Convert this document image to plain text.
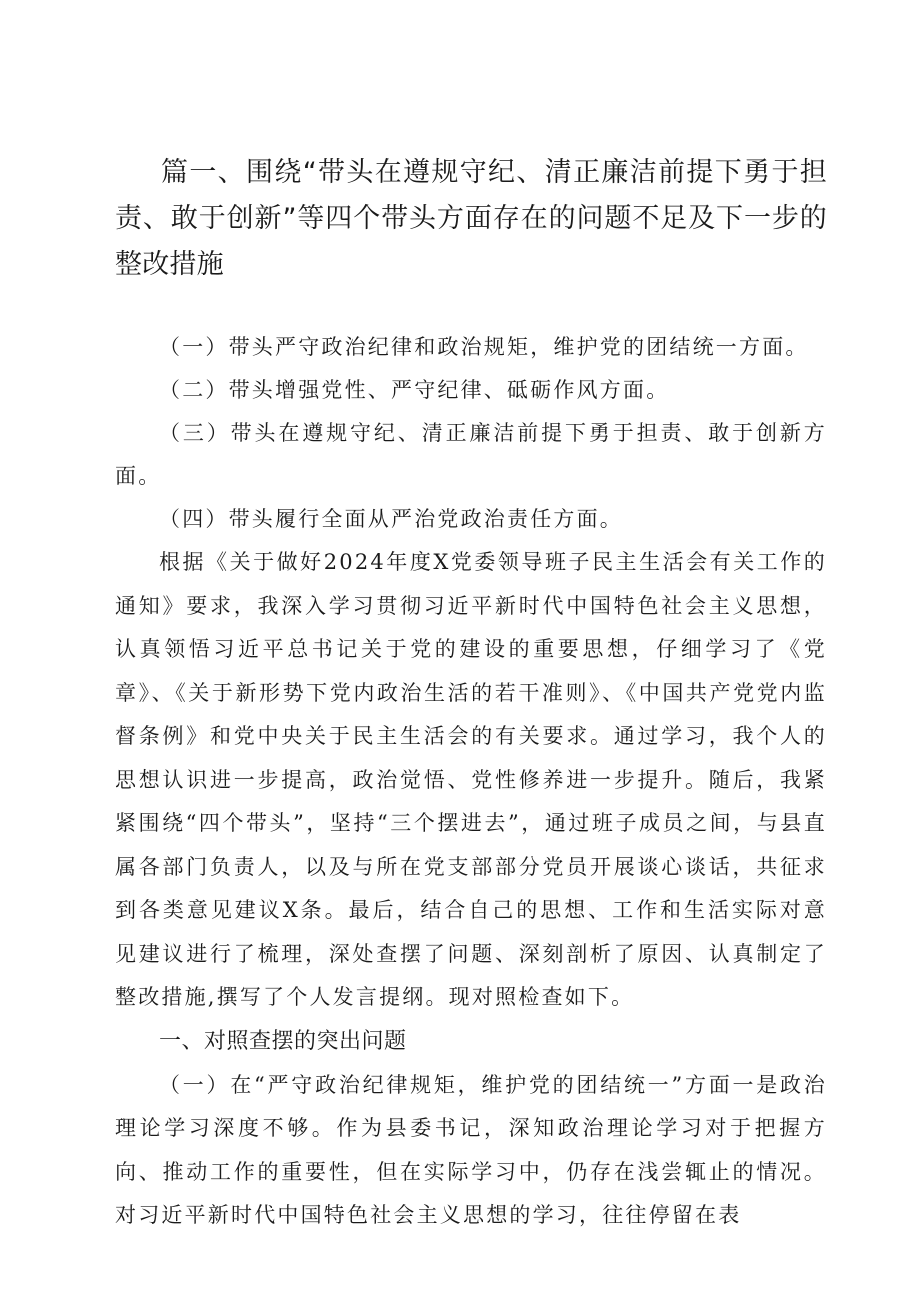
篇一、围绕“带头在遵规守纪、清正廉洁前提下勇于担责、敢于创新”等四个带头方面存在的问题不足及下一步的整改措施

（一）带头严守政治纪律和政治规矩，维护党的团结统一方面。

（二）带头增强党性、严守纪律、砥砺作风方面。

（三）带头在遵规守纪、清正廉洁前提下勇于担责、敢于创新方面。

（四）带头履行全面从严治党政治责任方面。

根据《关于做好2024年度X党委领导班子民主生活会有关工作的通知》要求，我深入学习贯彻习近平新时代中国特色社会主义思想，认真领悟习近平总书记关于党的建设的重要思想，仔细学习了《党章》、《关于新形势下党内政治生活的若干准则》、《中国共产党党内监督条例》和党中央关于民主生活会的有关要求。通过学习，我个人的思想认识进一步提高，政治觉悟、党性修养进一步提升。随后，我紧紧围绕“四个带头”，坚持“三个摆进去”，通过班子成员之间，与县直属各部门负责人，以及与所在党支部部分党员开展谈心谈话，共征求到各类意见建议X条。最后，结合自己的思想、工作和生活实际对意见建议进行了梳理，深处查摆了问题、深刻剖析了原因、认真制定了整改措施,撰写了个人发言提纲。现对照检查如下。

一、对照查摆的突出问题

（一）在“严守政治纪律规矩，维护党的团结统一”方面一是政治理论学习深度不够。作为县委书记，深知政治理论学习对于把握方向、推动工作的重要性，但在实际学习中，仍存在浅尝辄止的情况。对习近平新时代中国特色社会主义思想的学习，往往停留在表
